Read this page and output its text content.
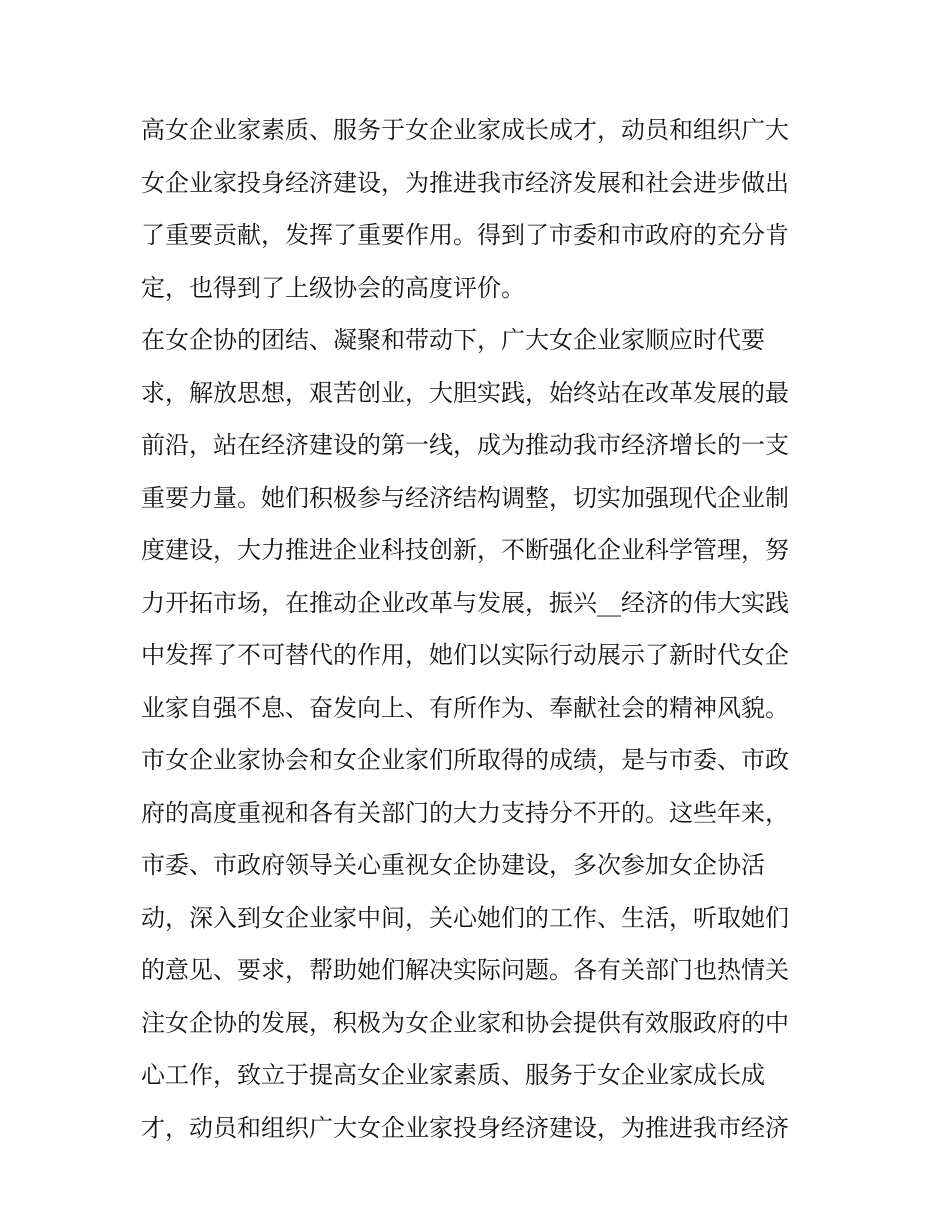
高女企业家素质、服务于女企业家成长成才，动员和组织广大
女企业家投身经济建设，为推进我市经济发展和社会进步做出
了重要贡献，发挥了重要作用。得到了市委和市政府的充分肯
定，也得到了上级协会的高度评价。
在女企协的团结、凝聚和带动下，广大女企业家顺应时代要
求，解放思想，艰苦创业，大胆实践，始终站在改革发展的最
前沿，站在经济建设的第一线，成为推动我市经济增长的一支
重要力量。她们积极参与经济结构调整，切实加强现代企业制
度建设，大力推进企业科技创新，不断强化企业科学管理，努
力开拓市场，在推动企业改革与发展，振兴__经济的伟大实践
中发挥了不可替代的作用，她们以实际行动展示了新时代女企
业家自强不息、奋发向上、有所作为、奉献社会的精神风貌。
市女企业家协会和女企业家们所取得的成绩，是与市委、市政
府的高度重视和各有关部门的大力支持分不开的。这些年来，
市委、市政府领导关心重视女企协建设，多次参加女企协活
动，深入到女企业家中间，关心她们的工作、生活，听取她们
的意见、要求，帮助她们解决实际问题。各有关部门也热情关
注女企协的发展，积极为女企业家和协会提供有效服政府的中
心工作，致立于提高女企业家素质、服务于女企业家成长成
才，动员和组织广大女企业家投身经济建设，为推进我市经济
